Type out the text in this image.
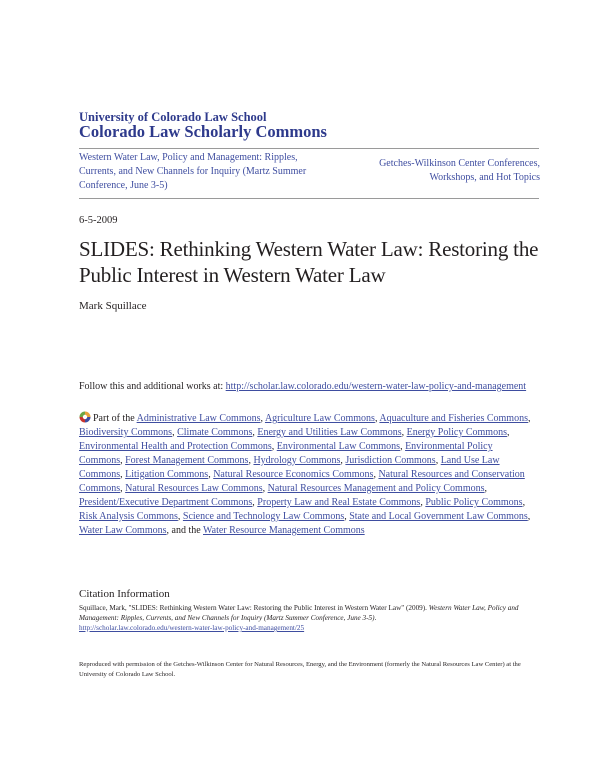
University of Colorado Law School
Colorado Law Scholarly Commons
Western Water Law, Policy and Management: Ripples, Currents, and New Channels for Inquiry (Martz Summer Conference, June 3-5)
Getches-Wilkinson Center Conferences, Workshops, and Hot Topics
6-5-2009
SLIDES: Rethinking Western Water Law: Restoring the Public Interest in Western Water Law
Mark Squillace
Follow this and additional works at: http://scholar.law.colorado.edu/western-water-law-policy-and-management
Part of the Administrative Law Commons, Agriculture Law Commons, Aquaculture and Fisheries Commons, Biodiversity Commons, Climate Commons, Energy and Utilities Law Commons, Energy Policy Commons, Environmental Health and Protection Commons, Environmental Law Commons, Environmental Policy Commons, Forest Management Commons, Hydrology Commons, Jurisdiction Commons, Land Use Law Commons, Litigation Commons, Natural Resource Economics Commons, Natural Resources and Conservation Commons, Natural Resources Law Commons, Natural Resources Management and Policy Commons, President/Executive Department Commons, Property Law and Real Estate Commons, Public Policy Commons, Risk Analysis Commons, Science and Technology Law Commons, State and Local Government Law Commons, Water Law Commons, and the Water Resource Management Commons
Citation Information
Squillace, Mark, "SLIDES: Rethinking Western Water Law: Restoring the Public Interest in Western Water Law" (2009). Western Water Law, Policy and Management: Ripples, Currents, and New Channels for Inquiry (Martz Summer Conference, June 3-5).
http://scholar.law.colorado.edu/western-water-law-policy-and-management/25
Reproduced with permission of the Getches-Wilkinson Center for Natural Resources, Energy, and the Environment (formerly the Natural Resources Law Center) at the University of Colorado Law School.
